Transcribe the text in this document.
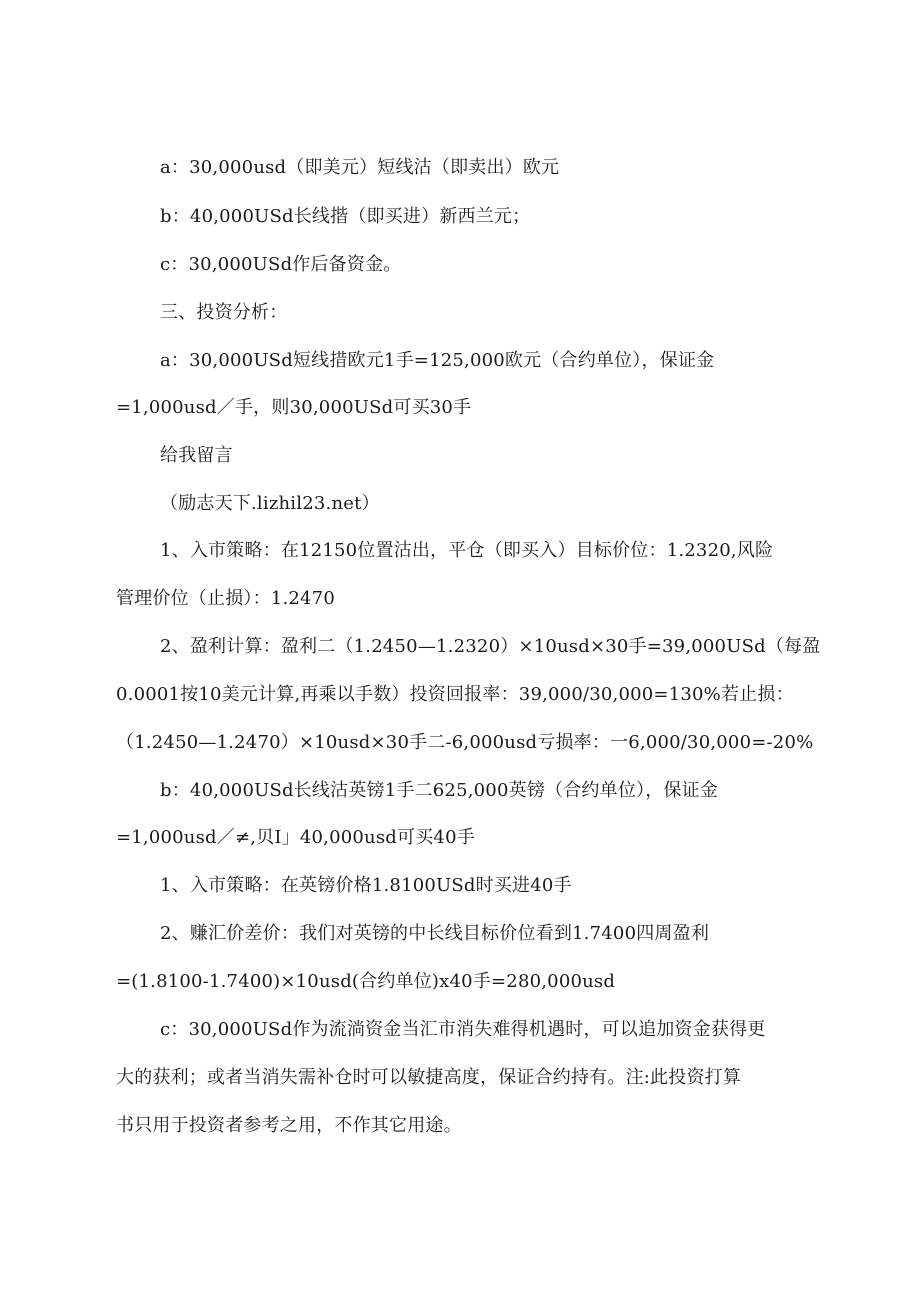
a：30,000usd（即美元）短线沽（即卖出）欧元
b：40,000USd长线揩（即买进）新西兰元；
c：30,000USd作后备资金。
三、投资分析：
a：30,000USd短线措欧元1手=125,000欧元（合约单位），保证金
=1,000usd／手，则30,000USd可买30手
给我留言
（励志天下.lizhil23.net）
1、入市策略：在12150位置沽出，平仓（即买入）目标价位：1.2320,风险
管理价位（止损）：1.2470
2、盈利计算：盈利二（1.2450—1.2320）×10usd×30手=39,000USd（每盈
0.0001按10美元计算,再乘以手数）投资回报率：39,000/30,000=130%若止损：
（1.2450—1.2470）×10usd×30手二-6,000usd亏损率：一6,000/30,000=-20%
b：40,000USd长线沽英镑1手二625,000英镑（合约单位），保证金
=1,000usd／≠,贝I」40,000usd可买40手
1、入市策略：在英镑价格1.8100USd时买进40手
2、赚汇价差价：我们对英镑的中长线目标价位看到1.7400四周盈利
=(1.8100-1.7400)×10usd(合约单位)x40手=280,000usd
c：30,000USd作为流淌资金当汇市消失难得机遇时，可以追加资金获得更
大的获利；或者当消失需补仓时可以敏捷高度，保证合约持有。注:此投资打算
书只用于投资者参考之用，不作其它用途。
